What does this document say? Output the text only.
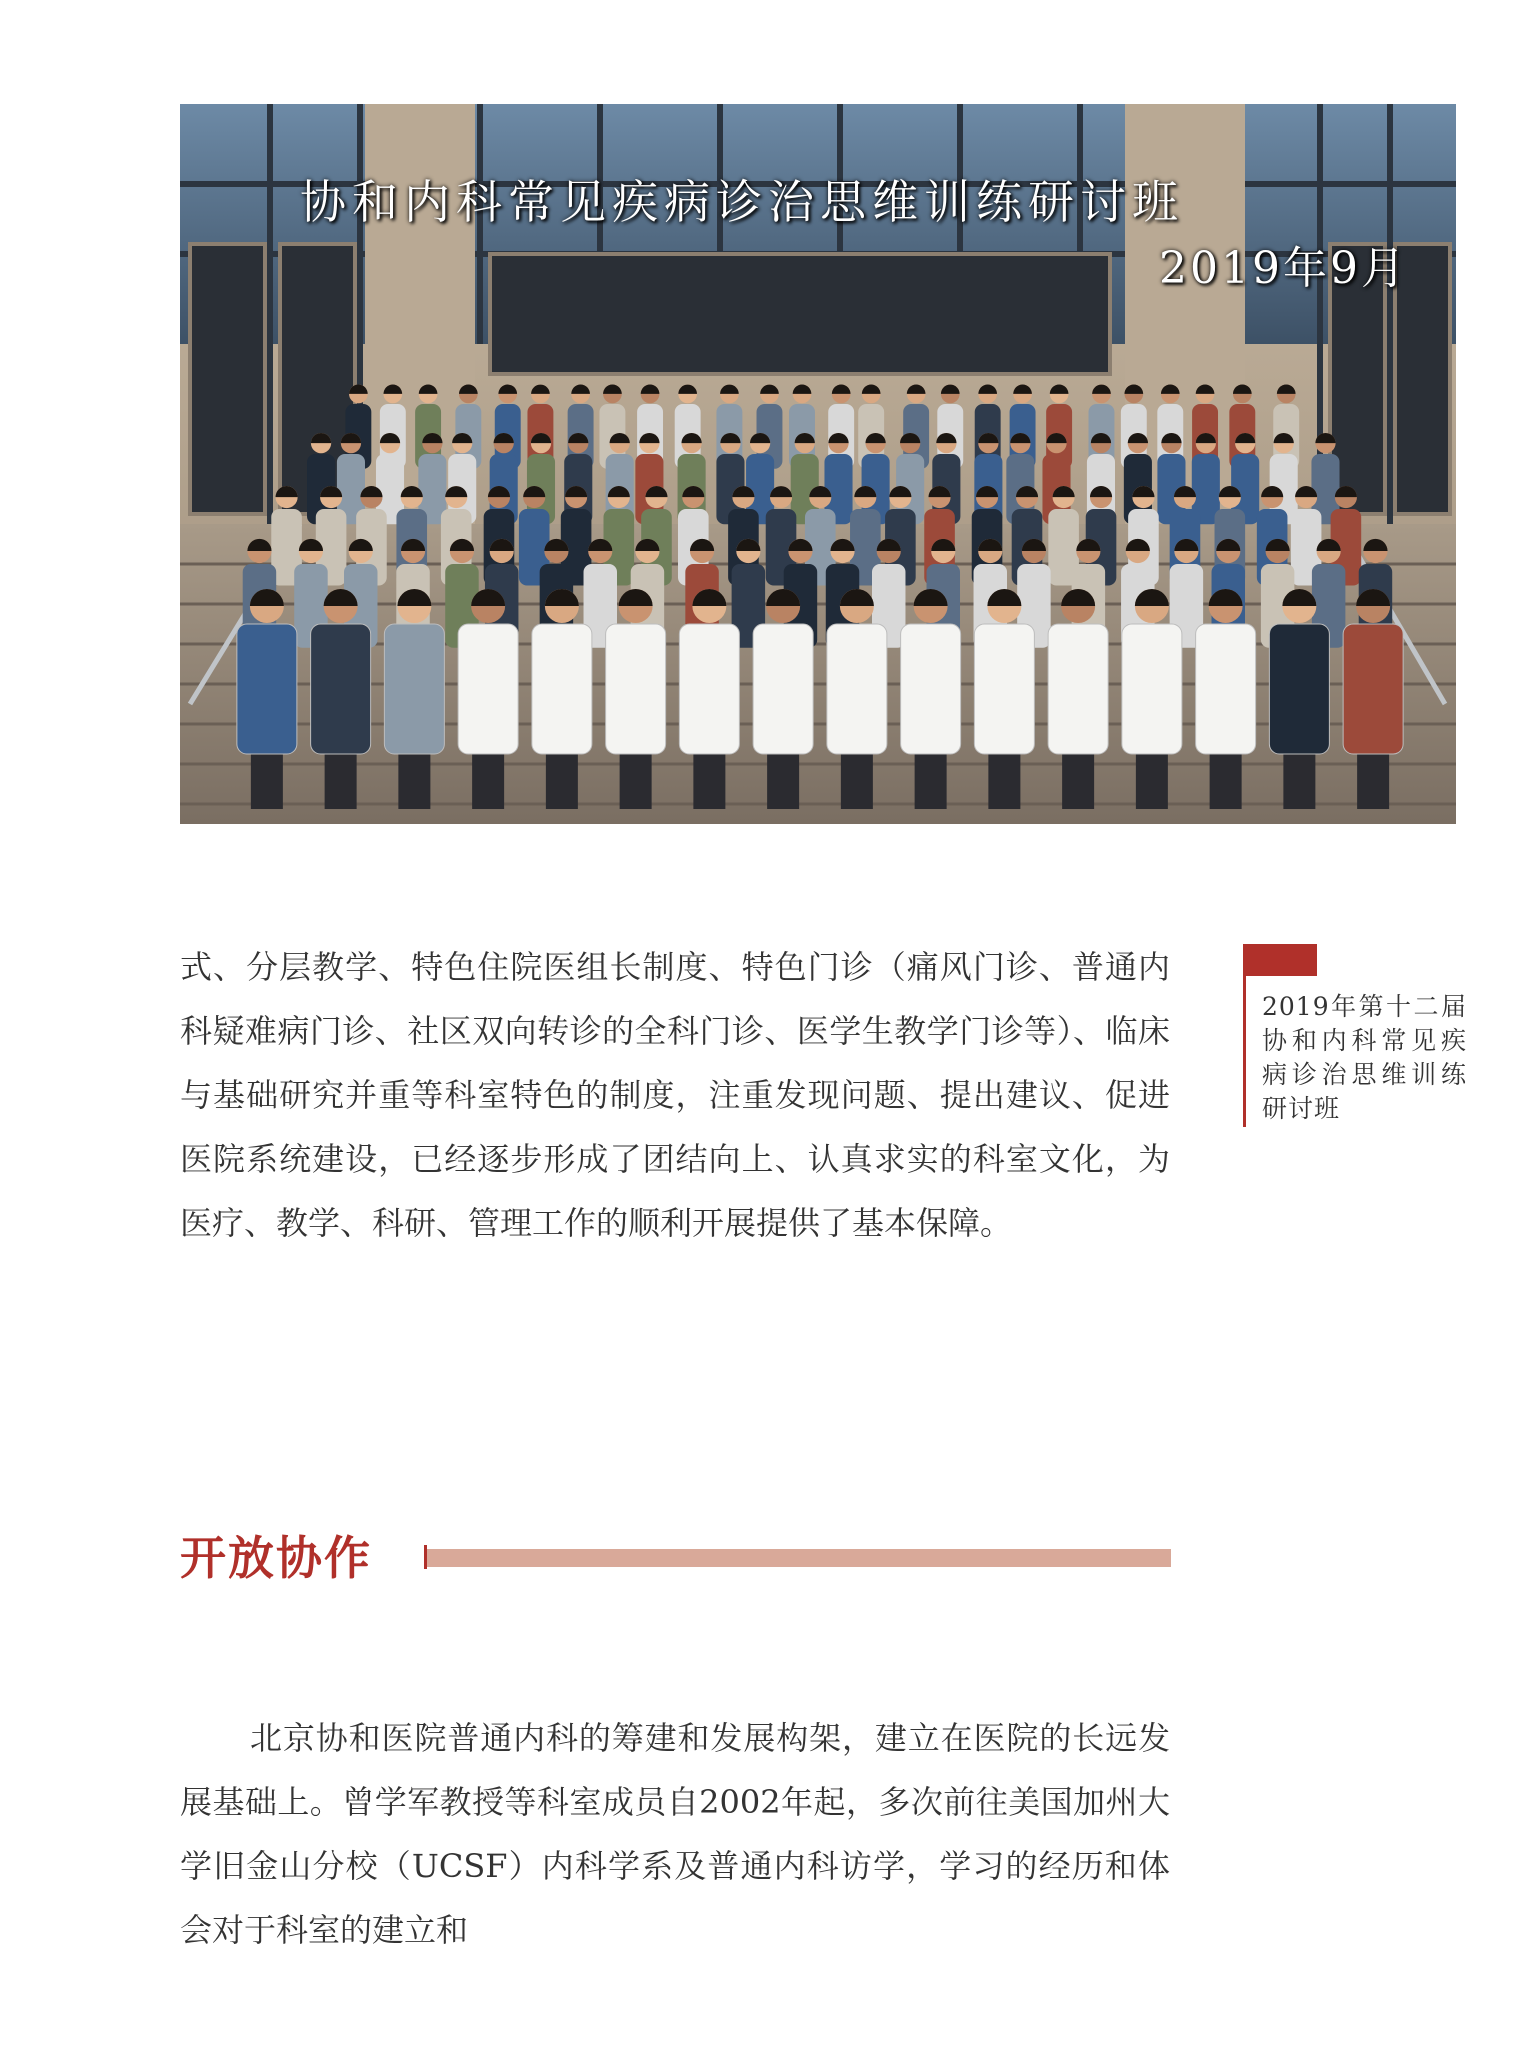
协和内科常见疾病诊治思维训练研讨班
2019年9月
式、分层教学、特色住院医组长制度、特色门诊（痛风门诊、普通内科疑难病门诊、社区双向转诊的全科门诊、医学生教学门诊等）、临床与基础研究并重等科室特色的制度，注重发现问题、提出建议、促进医院系统建设，已经逐步形成了团结向上、认真求实的科室文化，为医疗、教学、科研、管理工作的顺利开展提供了基本保障。
2019年第十二届协和内科常见疾病诊治思维训练研讨班
开放协作
北京协和医院普通内科的筹建和发展构架，建立在医院的长远发展基础上。曾学军教授等科室成员自2002年起，多次前往美国加州大学旧金山分校（UCSF）内科学系及普通内科访学，学习的经历和体会对于科室的建立和
